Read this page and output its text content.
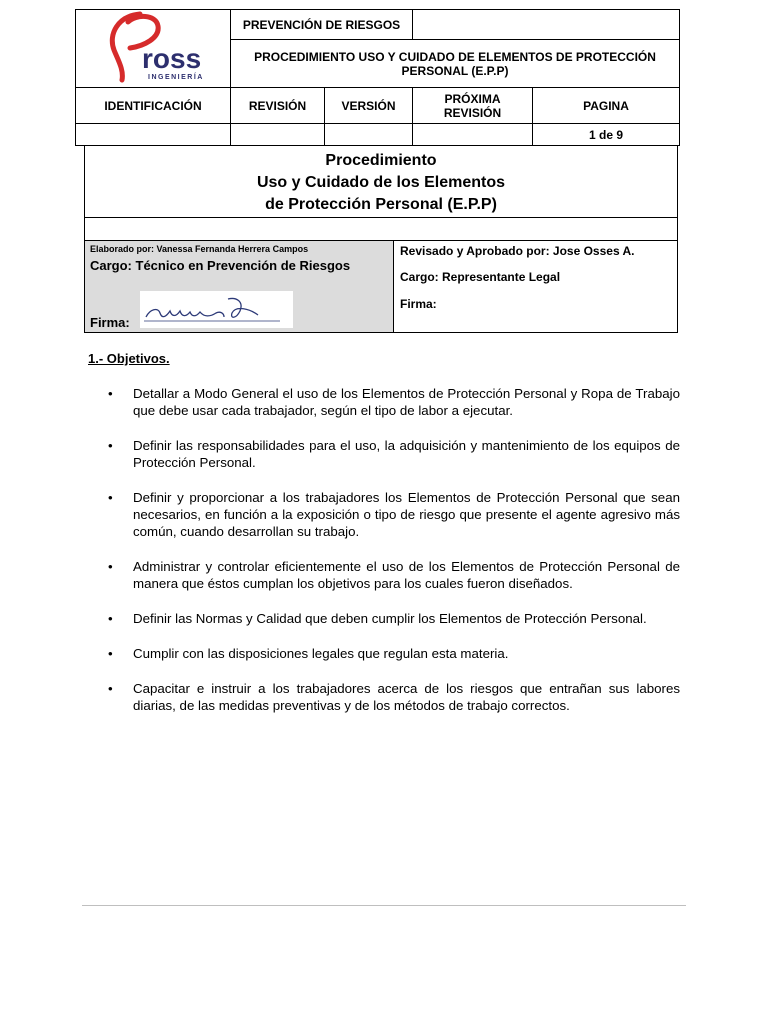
ross
INGENIERÍA	PREVENCIÓN DE RIESGOS			
	PROCEDIMIENTO USO Y CUIDADO DE ELEMENTOS DE PROTECCIÓN PERSONAL (E.P.P)			
IDENTIFICACIÓN	REVISIÓN	VERSIÓN	PRÓXIMA REVISIÓN	PAGINA
				1 de 9
Procedimiento
Uso y Cuidado de los Elementos
de Protección Personal (E.P.P)
Elaborado por: Vanessa Fernanda Herrera Campos
Cargo: Técnico en Prevención de Riesgos
Firma:
Revisado y Aprobado por: Jose Osses A.
Cargo: Representante Legal
Firma:
1.- Objetivos.
• Detallar a Modo General el uso de los Elementos de Protección Personal y Ropa de Trabajo que debe usar cada trabajador, según el tipo de labor a ejecutar.
• Definir las responsabilidades para el uso, la adquisición y mantenimiento de los equipos de Protección Personal.
• Definir y proporcionar a los trabajadores los Elementos de Protección Personal que sean necesarios, en función a la exposición o tipo de riesgo que presente el agente agresivo más común, cuando desarrollan su trabajo.
• Administrar y controlar eficientemente el uso de los Elementos de Protección Personal de manera que éstos cumplan los objetivos para los cuales fueron diseñados.
• Definir las Normas y Calidad que deben cumplir los Elementos de Protección Personal.
• Cumplir con las disposiciones legales que regulan esta materia.
• Capacitar e instruir a los trabajadores acerca de los riesgos que entrañan sus labores diarias, de las medidas preventivas y de los métodos de trabajo correctos.
